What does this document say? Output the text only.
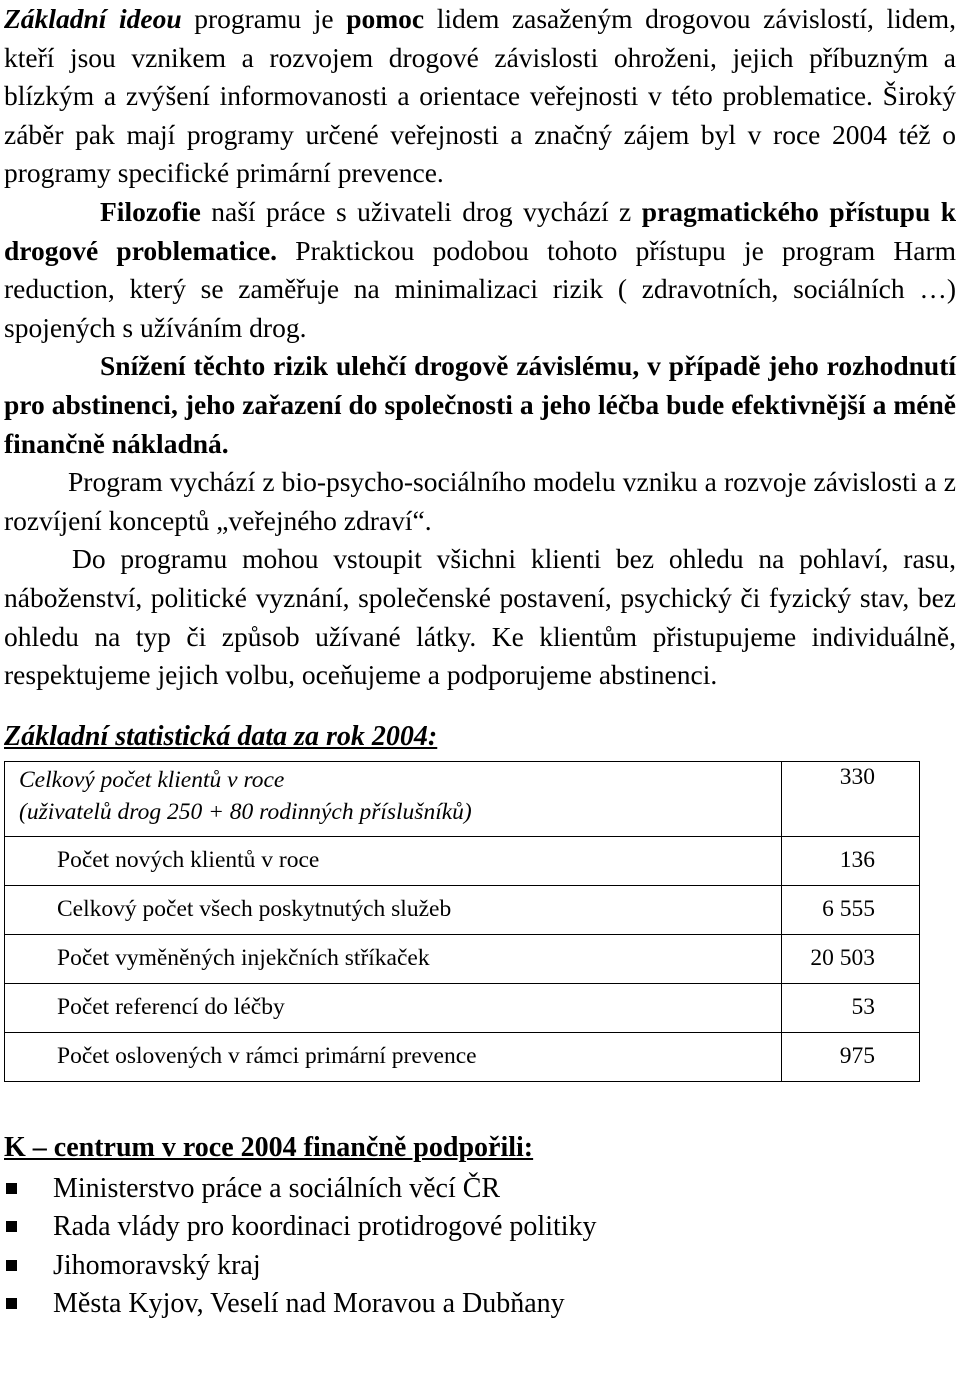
Základní ideou programu je pomoc lidem zasaženým drogovou závislostí, lidem, kteří jsou vznikem a rozvojem drogové závislosti ohroženi, jejich příbuzným a blízkým a zvýšení informovanosti a orientace veřejnosti v této problematice. Široký záběr pak mají programy určené veřejnosti a značný zájem byl v roce 2004 též o programy specifické primární prevence.

Filozofie naší práce s uživateli drog vychází z pragmatického přístupu k drogové problematice. Praktickou podobou tohoto přístupu je program Harm reduction, který se zaměřuje na minimalizaci rizik ( zdravotních, sociálních …) spojených s užíváním drog.

Snížení těchto rizik ulehčí drogově závislému, v případě jeho rozhodnutí pro abstinenci, jeho zařazení do společnosti a jeho léčba bude efektivnější a méně finančně nákladná.

Program vychází z bio-psycho-sociálního modelu vzniku a rozvoje závislosti a z rozvíjení konceptů „veřejného zdraví“.

Do programu mohou vstoupit všichni klienti bez ohledu na pohlaví, rasu, náboženství, politické vyznání, společenské postavení, psychický či fyzický stav, bez ohledu na typ či způsob užívané látky. Ke klientům přistupujeme individuálně, respektujeme jejich volbu, oceňujeme a podporujeme abstinenci.

Základní statistická data za rok 2004:
Celkový počet klientů v roce
(uživatelů drog 250 + 80 rodinných příslušníků)	330
Počet nových klientů v roce	136
Celkový počet všech poskytnutých služeb	6 555
Počet vyměněných injekčních stříkaček	20 503
Počet referencí do léčby	53
Počet oslovených v rámci primární prevence	975
K – centrum v roce 2004 finančně podpořili:
Ministerstvo práce a sociálních věcí ČR
Rada vlády pro koordinaci protidrogové politiky
Jihomoravský kraj
Města Kyjov, Veselí nad Moravou a Dubňany
